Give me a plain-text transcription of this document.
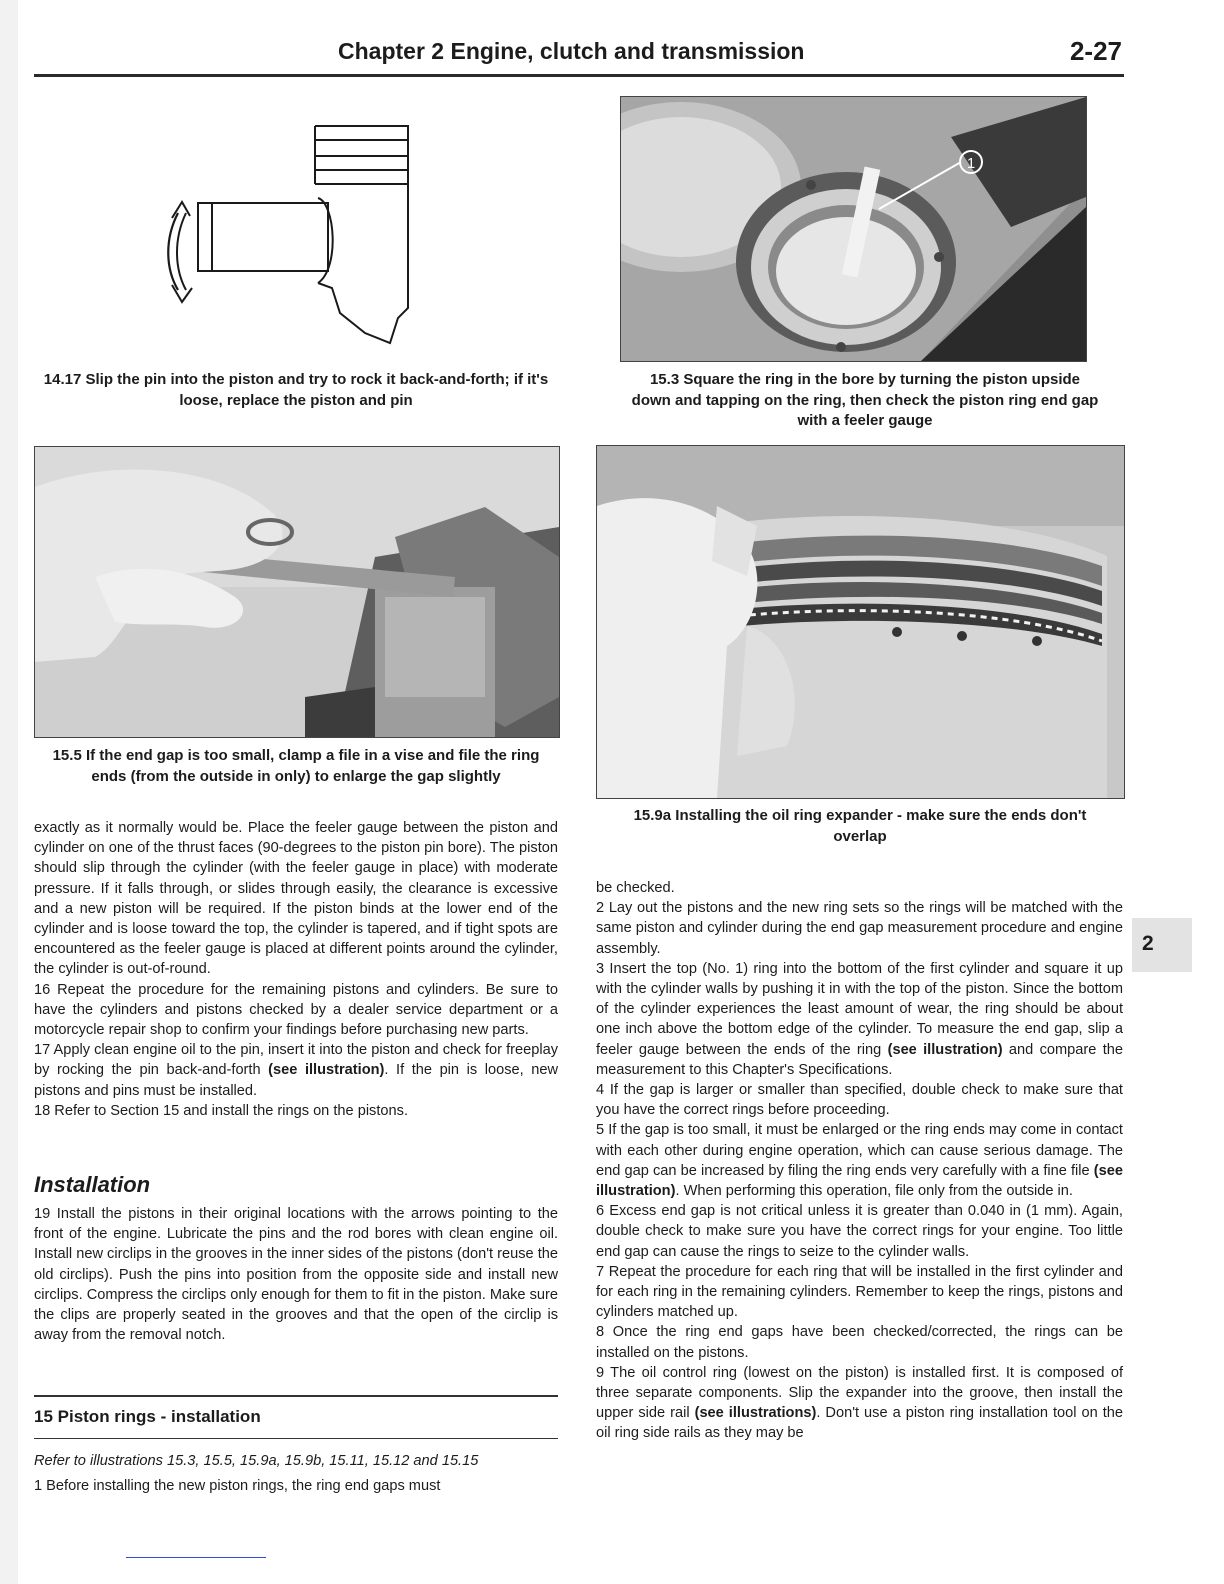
Chapter 2 Engine, clutch and transmission	2-27
14.17 Slip the pin into the piston and try to rock it back-and-forth; if it's loose, replace the piston and pin
1
15.3 Square the ring in the bore by turning the piston upside down and tapping on the ring, then check the piston ring end gap with a feeler gauge
15.5 If the end gap is too small, clamp a file in a vise and file the ring ends (from the outside in only) to enlarge the gap slightly
15.9a Installing the oil ring expander - make sure the ends don't overlap

exactly as it normally would be. Place the feeler gauge between the piston and cylinder on one of the thrust faces (90-degrees to the piston pin bore). The piston should slip through the cylinder (with the feeler gauge in place) with moderate pressure. If it falls through, or slides through easily, the clearance is excessive and a new piston will be required. If the piston binds at the lower end of the cylinder and is loose toward the top, the cylinder is tapered, and if tight spots are encountered as the feeler gauge is placed at different points around the cylinder, the cylinder is out-of-round.

16 Repeat the procedure for the remaining pistons and cylinders. Be sure to have the cylinders and pistons checked by a dealer service department or a motorcycle repair shop to confirm your findings before purchasing new parts.

17 Apply clean engine oil to the pin, insert it into the piston and check for freeplay by rocking the pin back-and-forth (see illustration). If the pin is loose, new pistons and pins must be installed.

18 Refer to Section 15 and install the rings on the pistons.

Installation

19 Install the pistons in their original locations with the arrows pointing to the front of the engine. Lubricate the pins and the rod bores with clean engine oil. Install new circlips in the grooves in the inner sides of the pistons (don't reuse the old circlips). Push the pins into position from the opposite side and install new circlips. Compress the circlips only enough for them to fit in the piston. Make sure the clips are properly seated in the grooves and that the open of the circlip is away from the removal notch.

15 Piston rings - installation
Refer to illustrations 15.3, 15.5, 15.9a, 15.9b, 15.11, 15.12 and 15.15

1 Before installing the new piston rings, the ring end gaps must

be checked.

2 Lay out the pistons and the new ring sets so the rings will be matched with the same piston and cylinder during the end gap measurement procedure and engine assembly.

3 Insert the top (No. 1) ring into the bottom of the first cylinder and square it up with the cylinder walls by pushing it in with the top of the piston. Since the bottom of the cylinder experiences the least amount of wear, the ring should be about one inch above the bottom edge of the cylinder. To measure the end gap, slip a feeler gauge between the ends of the ring (see illustration) and compare the measurement to this Chapter's Specifications.

4 If the gap is larger or smaller than specified, double check to make sure that you have the correct rings before proceeding.

5 If the gap is too small, it must be enlarged or the ring ends may come in contact with each other during engine operation, which can cause serious damage. The end gap can be increased by filing the ring ends very carefully with a fine file (see illustration). When performing this operation, file only from the outside in.

6 Excess end gap is not critical unless it is greater than 0.040 in (1 mm). Again, double check to make sure you have the correct rings for your engine. Too little end gap can cause the rings to seize to the cylinder walls.

7 Repeat the procedure for each ring that will be installed in the first cylinder and for each ring in the remaining cylinders. Remember to keep the rings, pistons and cylinders matched up.

8 Once the ring end gaps have been checked/corrected, the rings can be installed on the pistons.

9 The oil control ring (lowest on the piston) is installed first. It is composed of three separate components. Slip the expander into the groove, then install the upper side rail (see illustrations). Don't use a piston ring installation tool on the oil ring side rails as they may be

2
